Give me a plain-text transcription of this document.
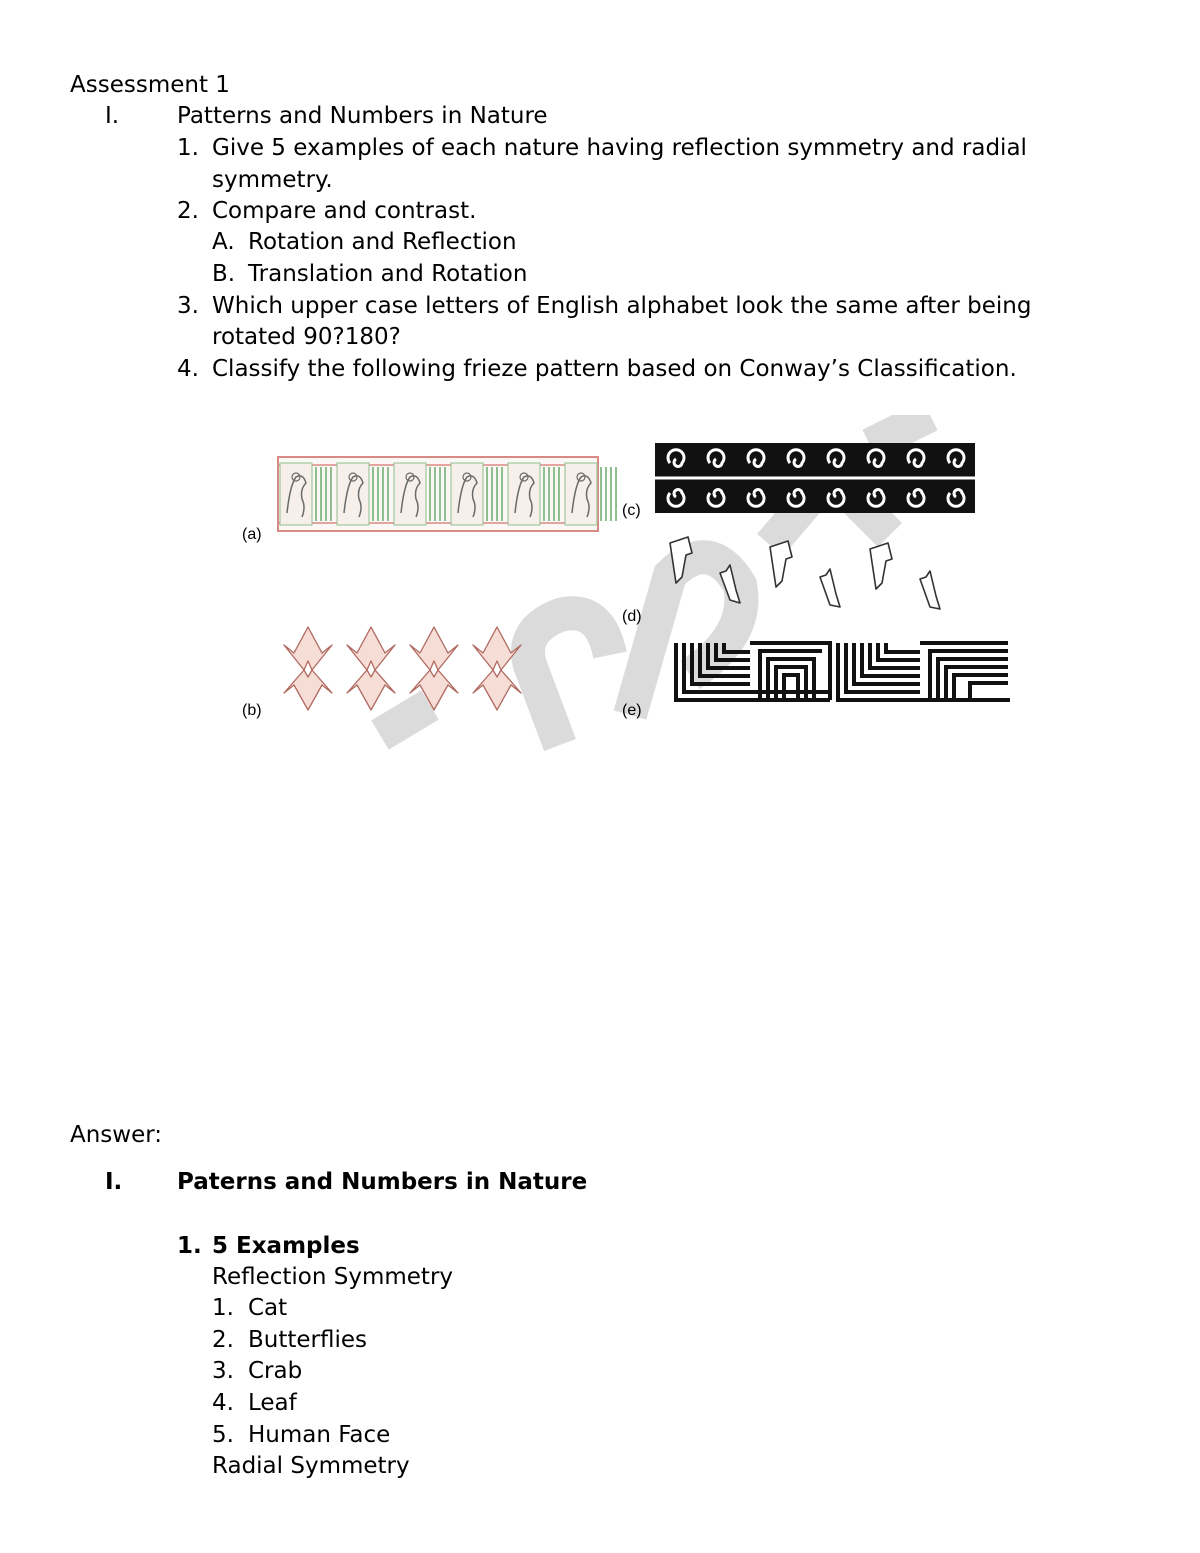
Assessment 1
I.	Patterns and Numbers in Nature
1. Give 5 examples of each nature having reflection symmetry and radial
symmetry.
2. Compare and contrast.
A. Rotation and Reflection
B. Translation and Rotation
3. Which upper case letters of English alphabet look the same after being
rotated 90?180?
4. Classify the following frieze pattern based on Conway’s Classification.
(a)
(b)
(c)
(d)
(e)
Answer:
I. Paterns and Numbers in Nature
1. 5 Examples
Reflection Symmetry
1. Cat
2. Butterflies
3. Crab
4. Leaf
5. Human Face
Radial Symmetry
